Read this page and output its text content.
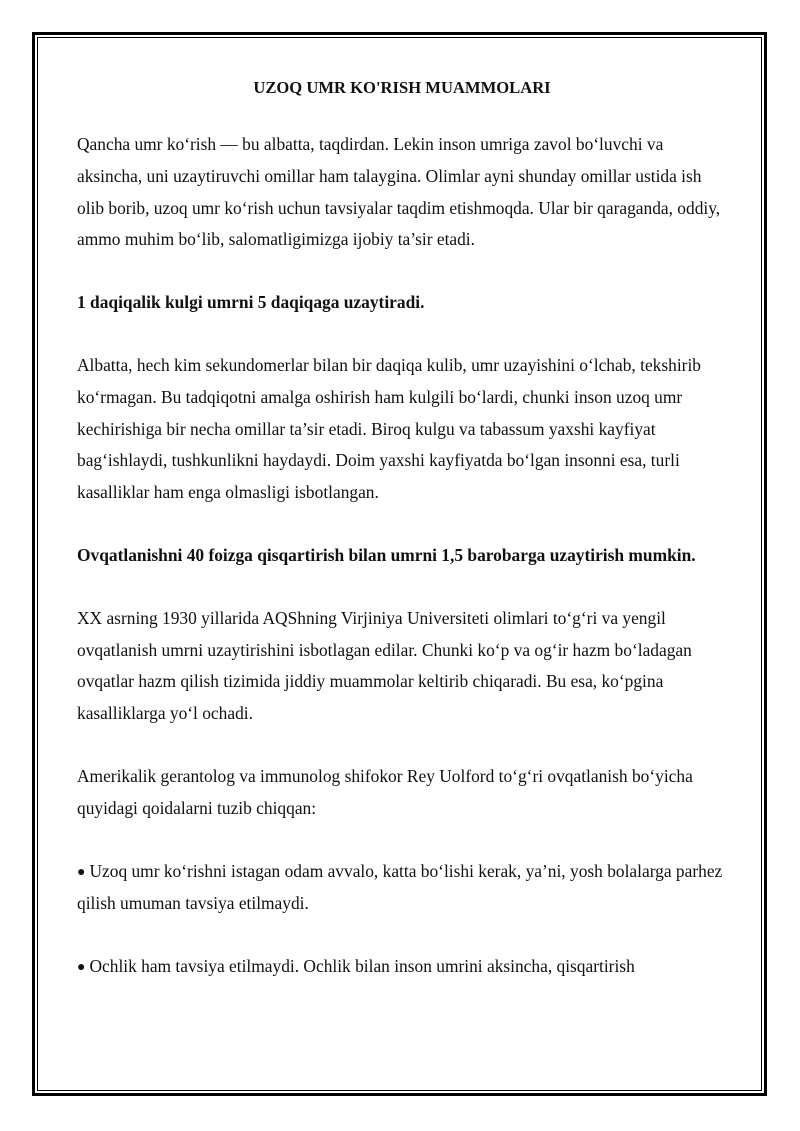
UZOQ UMR KO'RISH MUAMMOLARI

Qancha umr ko‘rish — bu albatta, taqdirdan. Lekin inson umriga zavol bo‘luvchi va aksincha, uni uzaytiruvchi omillar ham talaygina. Olimlar ayni shunday omillar ustida ish olib borib, uzoq umr ko‘rish uchun tavsiyalar taqdim etishmoqda. Ular bir qaraganda, oddiy, ammo muhim bo‘lib, salomatligimizga ijobiy ta’sir etadi.

1 daqiqalik kulgi umrni 5 daqiqaga uzaytiradi.

Albatta, hech kim sekundomerlar bilan bir daqiqa kulib, umr uzayishini o‘lchab, tekshirib ko‘rmagan. Bu tadqiqotni amalga oshirish ham kulgili bo‘lardi, chunki inson uzoq umr kechirishiga bir necha omillar ta’sir etadi. Biroq kulgu va tabassum yaxshi kayfiyat bag‘ishlaydi, tushkunlikni haydaydi. Doim yaxshi kayfiyatda bo‘lgan insonni esa, turli kasalliklar ham enga olmasligi isbotlangan.

Ovqatlanishni 40 foizga qisqartirish bilan umrni 1,5 barobarga uzaytirish mumkin.

XX asrning 1930 yillarida AQShning Virjiniya Universiteti olimlari to‘g‘ri va yengil ovqatlanish umrni uzaytirishini isbotlagan edilar. Chunki ko‘p va og‘ir hazm bo‘ladagan ovqatlar hazm qilish tizimida jiddiy muammolar keltirib chiqaradi. Bu esa, ko‘pgina kasalliklarga yo‘l ochadi.

Amerikalik gerantolog va immunolog shifokor Rey Uolford to‘g‘ri ovqatlanish bo‘yicha quyidagi qoidalarni tuzib chiqqan:

● Uzoq umr ko‘rishni istagan odam avvalo, katta bo‘lishi kerak, ya’ni, yosh bolalarga parhez qilish umuman tavsiya etilmaydi.

● Ochlik ham tavsiya etilmaydi. Ochlik bilan inson umrini aksincha, qisqartirish
